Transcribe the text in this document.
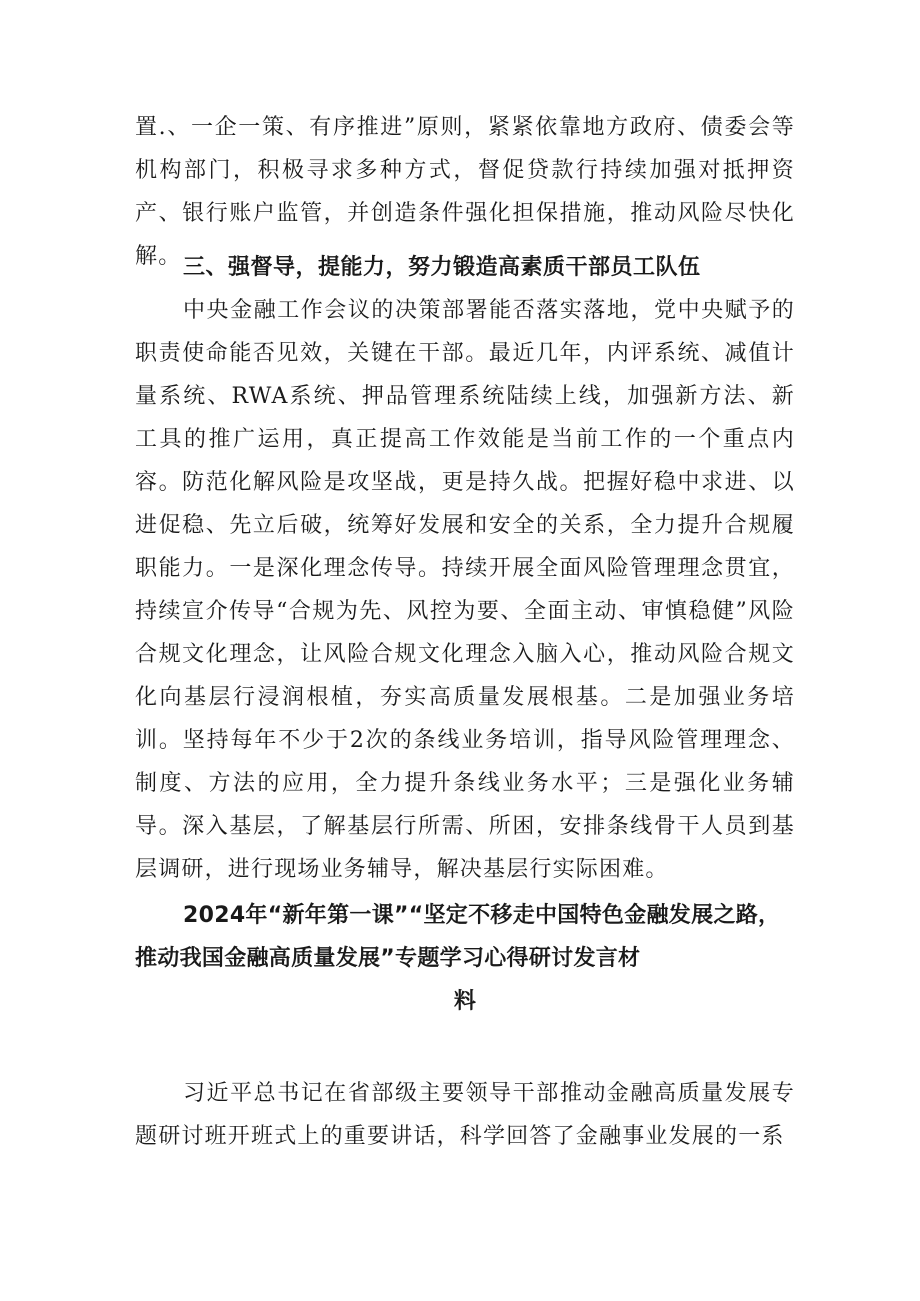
置.、一企一策、有序推进”原则，紧紧依靠地方政府、债委会等机构部门，积极寻求多种方式，督促贷款行持续加强对抵押资产、银行账户监管，并创造条件强化担保措施，推动风险尽快化解。 三、强督导，提能力，努力锻造高素质干部员工队伍

中央金融工作会议的决策部署能否落实落地，党中央赋予的职责使命能否见效，关键在干部。最近几年，内评系统、减值计量系统、RWA系统、押品管理系统陆续上线，加强新方法、新工具的推广运用，真正提高工作效能是当前工作的一个重点内容。防范化解风险是攻坚战，更是持久战。把握好稳中求进、以进促稳、先立后破，统筹好发展和安全的关系，全力提升合规履职能力。一是深化理念传导。持续开展全面风险管理理念贯宜，持续宣介传导“合规为先、风控为要、全面主动、审慎稳健”风险合规文化理念，让风险合规文化理念入脑入心，推动风险合规文化向基层行浸润根植，夯实高质量发展根基。二是加强业务培训。坚持每年不少于2次的条线业务培训，指导风险管理理念、制度、方法的应用，全力提升条线业务水平；三是强化业务辅导。深入基层，了解基层行所需、所困，安排条线骨干人员到基层调研，进行现场业务辅导，解决基层行实际困难。

2024年“新年第一课”“坚定不移走中国特色金融发展之路，
推动我国金融高质量发展”专题学习心得研讨发言材
料

习近平总书记在省部级主要领导干部推动金融高质量发展专题研讨班开班式上的重要讲话，科学回答了金融事业发展的一系
